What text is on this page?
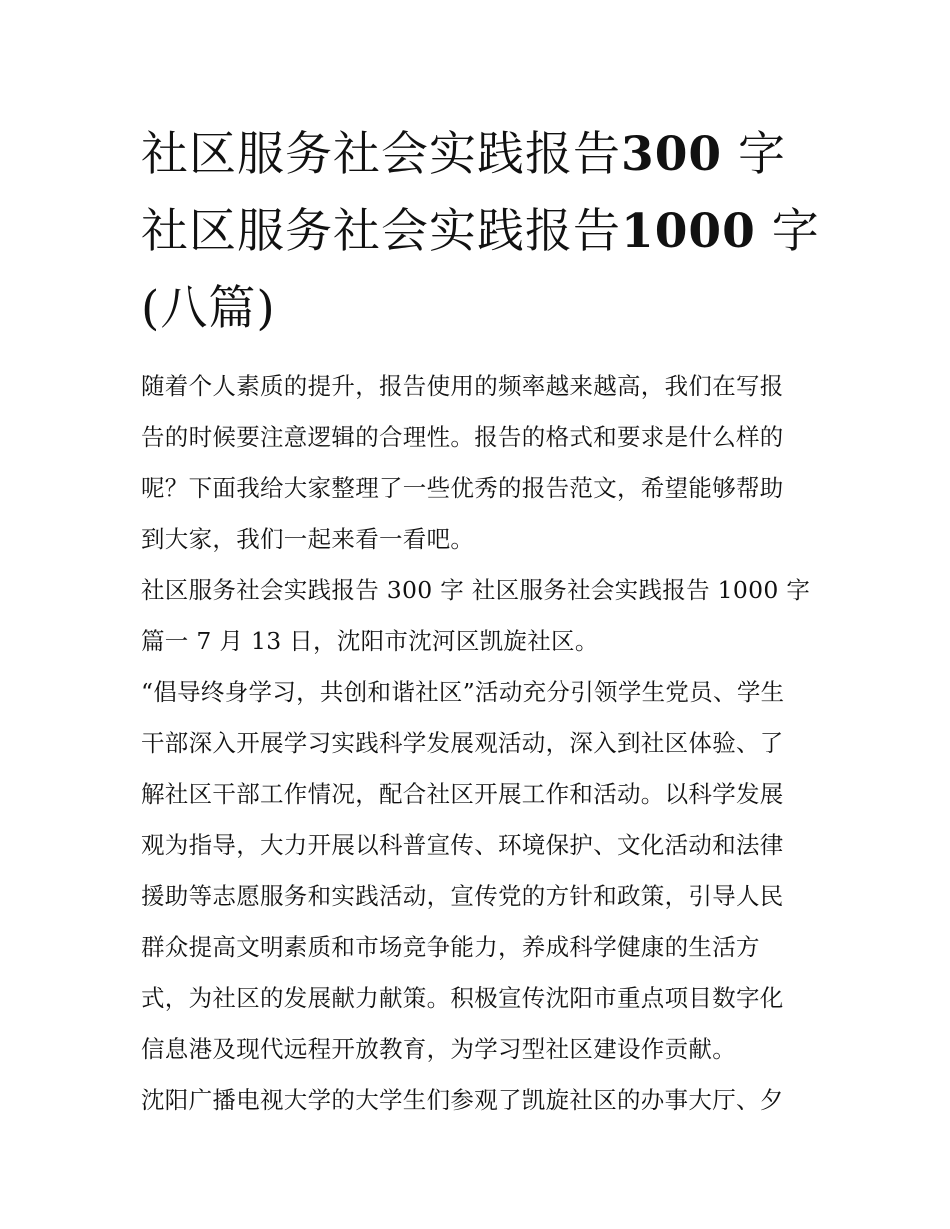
社区服务社会实践报告300 字
社区服务社会实践报告1000 字
(八篇)

随着个人素质的提升，报告使用的频率越来越高，我们在写报
告的时候要注意逻辑的合理性。报告的格式和要求是什么样的
呢？下面我给大家整理了一些优秀的报告范文，希望能够帮助
到大家，我们一起来看一看吧。

社区服务社会实践报告 300 字 社区服务社会实践报告 1000 字
篇一 7 月 13 日，沈阳市沈河区凯旋社区。

“倡导终身学习，共创和谐社区”活动充分引领学生党员、学生
干部深入开展学习实践科学发展观活动，深入到社区体验、了
解社区干部工作情况，配合社区开展工作和活动。以科学发展
观为指导，大力开展以科普宣传、环境保护、文化活动和法律
援助等志愿服务和实践活动，宣传党的方针和政策，引导人民
群众提高文明素质和市场竞争能力，养成科学健康的生活方
式，为社区的发展献力献策。积极宣传沈阳市重点项目数字化
信息港及现代远程开放教育，为学习型社区建设作贡献。

沈阳广播电视大学的大学生们参观了凯旋社区的办事大厅、夕
